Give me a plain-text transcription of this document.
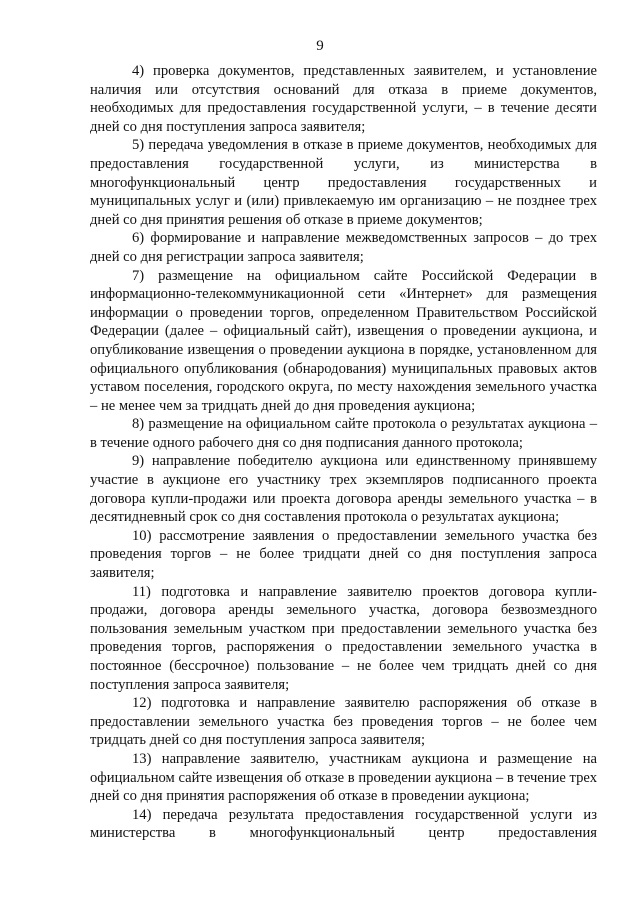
9

4) проверка документов, представленных заявителем, и установление наличия или отсутствия оснований для отказа в приеме документов, необходимых для предоставления государственной услуги, – в течение десяти дней со дня поступления запроса заявителя;

5) передача уведомления в отказе в приеме документов, необходимых для предоставления государственной услуги, из министерства в многофункциональный центр предоставления государственных и муниципальных услуг и (или) привлекаемую им организацию – не позднее трех дней со дня принятия решения об отказе в приеме документов;

6) формирование и направление межведомственных запросов – до трех дней со дня регистрации запроса заявителя;

7) размещение на официальном сайте Российской Федерации в информационно-телекоммуникационной сети «Интернет» для размещения информации о проведении торгов, определенном Правительством Российской Федерации (далее – официальный сайт), извещения о проведении аукциона, и опубликование извещения о проведении аукциона в порядке, установленном для официального опубликования (обнародования) муниципальных правовых актов уставом поселения, городского округа, по месту нахождения земельного участка – не менее чем за тридцать дней до дня проведения аукциона;

8) размещение на официальном сайте протокола о результатах аукциона – в течение одного рабочего дня со дня подписания данного протокола;

9) направление победителю аукциона или единственному принявшему участие в аукционе его участнику трех экземпляров подписанного проекта договора купли-продажи или проекта договора аренды земельного участка – в десятидневный срок со дня составления протокола о результатах аукциона;

10) рассмотрение заявления о предоставлении земельного участка без проведения торгов – не более тридцати дней со дня поступления запроса заявителя;

11) подготовка и направление заявителю проектов договора купли-продажи, договора аренды земельного участка, договора безвозмездного пользования земельным участком при предоставлении земельного участка без проведения торгов, распоряжения о предоставлении земельного участка в постоянное (бессрочное) пользование – не более чем тридцать дней со дня поступления запроса заявителя;

12) подготовка и направление заявителю распоряжения об отказе в предоставлении земельного участка без проведения торгов – не более чем тридцать дней со дня поступления запроса заявителя;

13) направление заявителю, участникам аукциона и размещение на официальном сайте извещения об отказе в проведении аукциона – в течение трех дней со дня принятия распоряжения об отказе в проведении аукциона;

14) передача результата предоставления государственной услуги из министерства в многофункциональный центр предоставления
